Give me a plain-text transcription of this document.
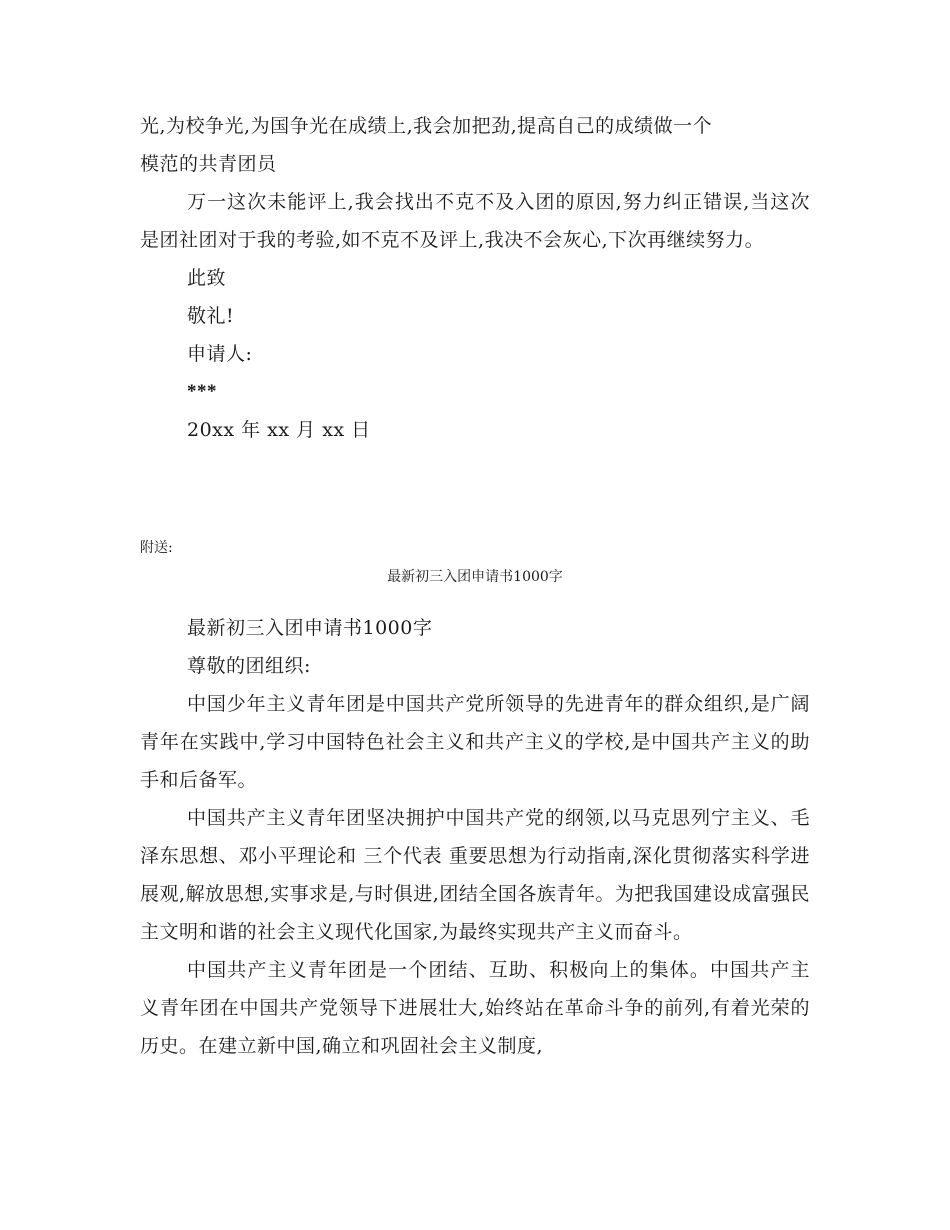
光,为校争光,为国争光在成绩上,我会加把劲,提高自己的成绩做一个

模范的共青团员

万一这次未能评上,我会找出不克不及入团的原因,努力纠正错误,当这次是团社团对于我的考验,如不克不及评上,我决不会灰心,下次再继续努力。

此致

敬礼!

申请人:

***

20xx 年 xx 月 xx 日

附送:
最新初三入团申请书1000字

最新初三入团申请书1000字

尊敬的团组织:

中国少年主义青年团是中国共产党所领导的先进青年的群众组织,是广阔青年在实践中,学习中国特色社会主义和共产主义的学校,是中国共产主义的助手和后备军。

中国共产主义青年团坚决拥护中国共产党的纲领,以马克思列宁主义、毛泽东思想、邓小平理论和 三个代表 重要思想为行动指南,深化贯彻落实科学进展观,解放思想,实事求是,与时俱进,团结全国各族青年。为把我国建设成富强民主文明和谐的社会主义现代化国家,为最终实现共产主义而奋斗。

中国共产主义青年团是一个团结、互助、积极向上的集体。中国共产主义青年团在中国共产党领导下进展壮大,始终站在革命斗争的前列,有着光荣的历史。在建立新中国,确立和巩固社会主义制度,
